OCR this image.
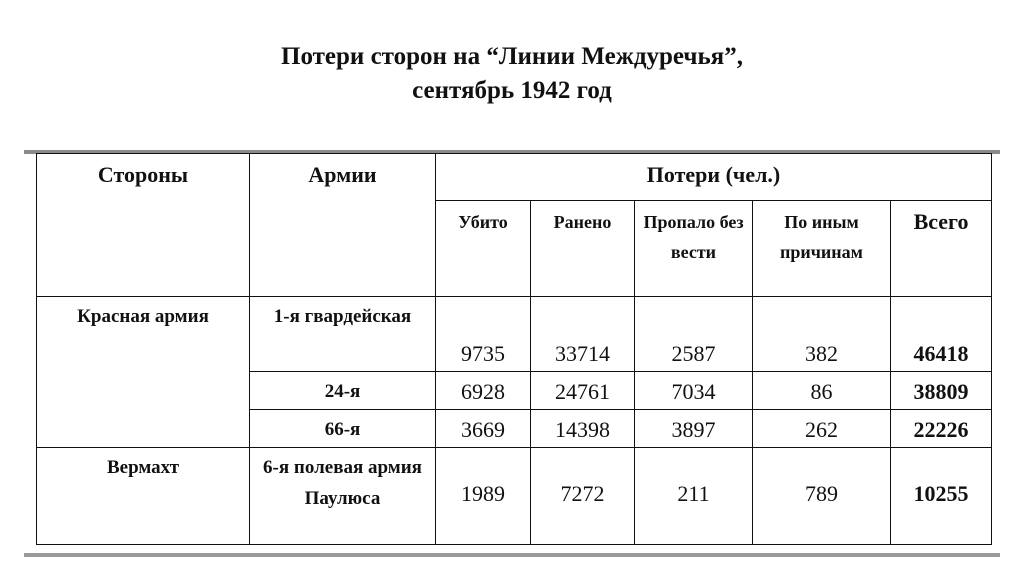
Потери сторон на “Линии Междуречья”,
сентябрь 1942 год
Стороны	Армии	Потери (чел.)				
		Убито	Ранено	Пропало без вести	По иным причинам	Всего
Красная армия	1-я гвардейская	9735	33714	2587	382	46418
	24-я	6928	24761	7034	86	38809
	66-я	3669	14398	3897	262	22226
Вермахт	6-я полевая армия Паулюса	1989	7272	211	789	10255
